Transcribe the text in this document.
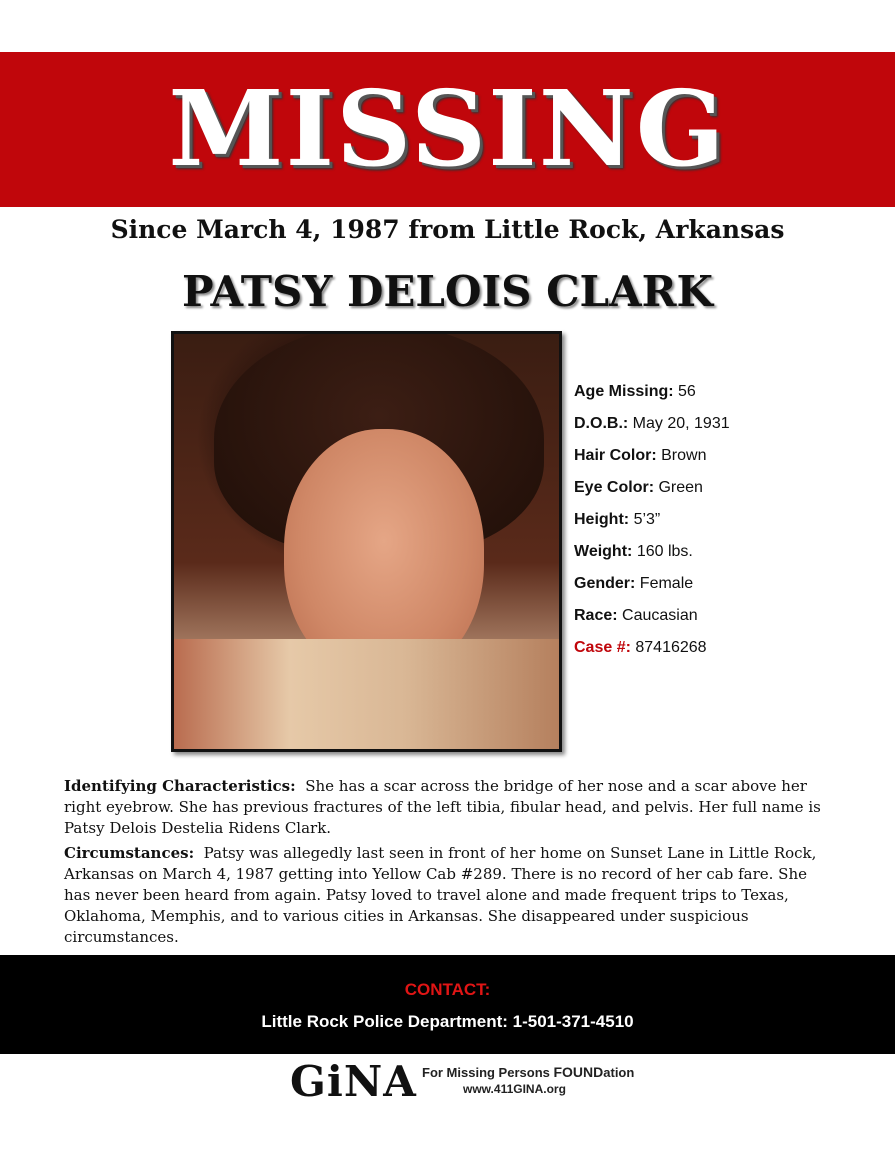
MISSING
Since March 4, 1987 from Little Rock, Arkansas
PATSY DELOIS CLARK
Age Missing: 56
D.O.B.: May 20, 1931
Hair Color: Brown
Eye Color: Green
Height: 5’3”
Weight: 160 lbs.
Gender: Female
Race: Caucasian
Case #: 87416268
Identifying Characteristics: She has a scar across the bridge of her nose and a scar above her right eyebrow. She has previous fractures of the left tibia, fibular head, and pelvis. Her full name is Patsy Delois Destelia Ridens Clark.
Circumstances: Patsy was allegedly last seen in front of her home on Sunset Lane in Little Rock, Arkansas on March 4, 1987 getting into Yellow Cab #289. There is no record of her cab fare. She has never been heard from again. Patsy loved to travel alone and made frequent trips to Texas, Oklahoma, Memphis, and to various cities in Arkansas. She disappeared under suspicious circumstances.
CONTACT:
Little Rock Police Department: 1-501-371-4510
GiNA For Missing Persons FOUNDation
www.411GINA.org
